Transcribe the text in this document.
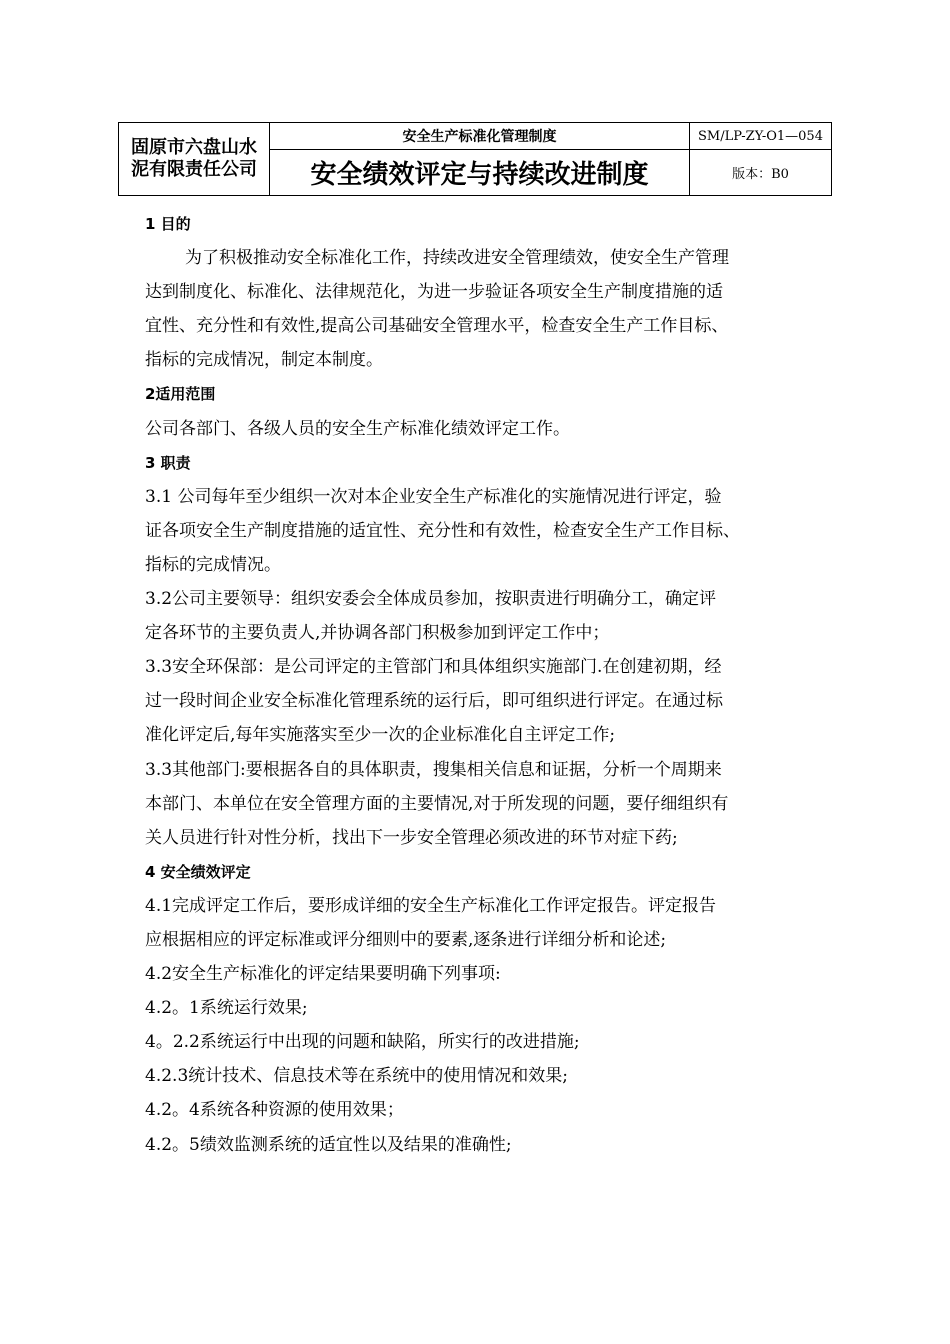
固原市六盘山水
泥有限责任公司	安全生产标准化管理制度	SM/LP-ZY-O1—054
	安全绩效评定与持续改进制度	版本：B0
1 目的
为了积极推动安全标准化工作，持续改进安全管理绩效，使安全生产管理
达到制度化、标准化、法律规范化，为进一步验证各项安全生产制度措施的适
宜性、充分性和有效性,提高公司基础安全管理水平，检查安全生产工作目标、
指标的完成情况，制定本制度。
2适用范围
公司各部门、各级人员的安全生产标准化绩效评定工作。
3 职责
3.1 公司每年至少组织一次对本企业安全生产标准化的实施情况进行评定，验
证各项安全生产制度措施的适宜性、充分性和有效性，检查安全生产工作目标、
指标的完成情况。
3.2公司主要领导：组织安委会全体成员参加，按职责进行明确分工，确定评
定各环节的主要负责人,并协调各部门积极参加到评定工作中；
3.3安全环保部：是公司评定的主管部门和具体组织实施部门.在创建初期，经
过一段时间企业安全标准化管理系统的运行后，即可组织进行评定。在通过标
准化评定后,每年实施落实至少一次的企业标准化自主评定工作;
3.3其他部门:要根据各自的具体职责，搜集相关信息和证据，分析一个周期来
本部门、本单位在安全管理方面的主要情况,对于所发现的问题，要仔细组织有
关人员进行针对性分析，找出下一步安全管理必须改进的环节对症下药;
4 安全绩效评定
4.1完成评定工作后，要形成详细的安全生产标准化工作评定报告。评定报告
应根据相应的评定标准或评分细则中的要素,逐条进行详细分析和论述;
4.2安全生产标准化的评定结果要明确下列事项:
4.2。1系统运行效果;
4。2.2系统运行中出现的问题和缺陷，所实行的改进措施;
4.2.3统计技术、信息技术等在系统中的使用情况和效果;
4.2。4系统各种资源的使用效果；
4.2。5绩效监测系统的适宜性以及结果的准确性;
